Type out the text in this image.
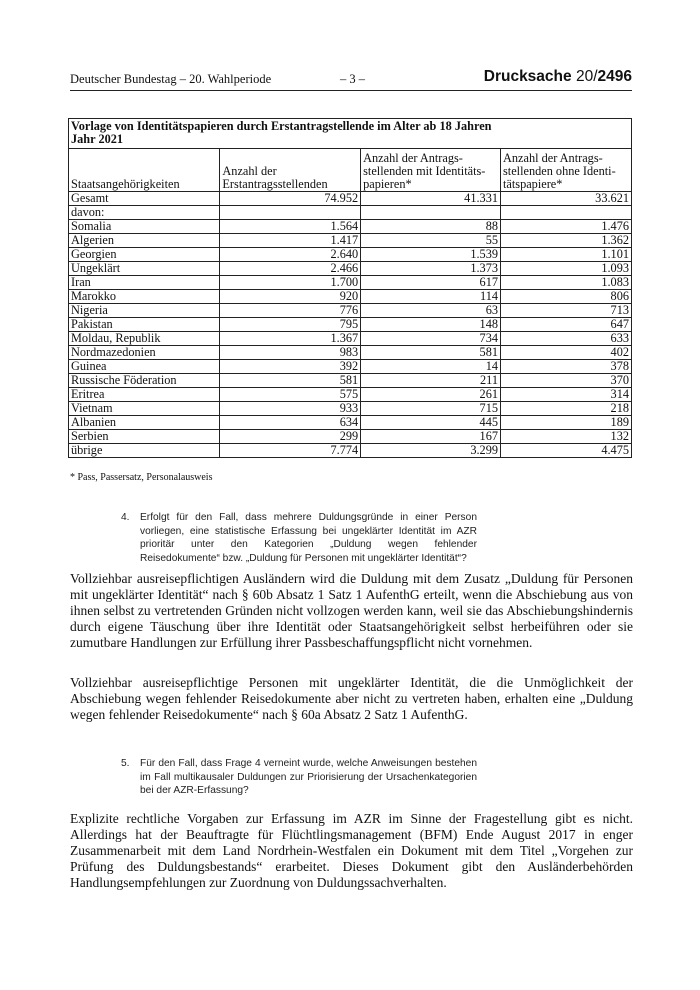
Deutscher Bundestag – 20. Wahlperiode	– 3 –	Drucksache 20/2496
Vorlage von Identitätspapieren durch Erstantragstellende im Alter ab 18 Jahren
Jahr 2021			

Staatsangehörigkeiten	Anzahl der Erstantragsstellenden	Anzahl der Antrags-stellenden mit Identitäts-papieren*	Anzahl der Antrags-stellenden ohne Identi-tätspapiere*

Gesamt	74.952	41.331	33.621
davon:			
Somalia	1.564	88	1.476
Algerien	1.417	55	1.362
Georgien	2.640	1.539	1.101
Ungeklärt	2.466	1.373	1.093
Iran	1.700	617	1.083
Marokko	920	114	806
Nigeria	776	63	713
Pakistan	795	148	647
Moldau, Republik	1.367	734	633
Nordmazedonien	983	581	402
Guinea	392	14	378
Russische Föderation	581	211	370
Eritrea	575	261	314
Vietnam	933	715	218
Albanien	634	445	189
Serbien	299	167	132
übrige	7.774	3.299	4.475
* Pass, Passersatz, Personalausweis
4. Erfolgt für den Fall, dass mehrere Duldungsgründe in einer Person vorliegen, eine statistische Erfassung bei ungeklärter Identität im AZR prioritär unter den Kategorien „Duldung wegen fehlender Reisedokumente“ bzw. „Duldung für Personen mit ungeklärter Identität“?
Vollziehbar ausreisepflichtigen Ausländern wird die Duldung mit dem Zusatz „Duldung für Personen mit ungeklärter Identität“ nach § 60b Absatz 1 Satz 1 AufenthG erteilt, wenn die Abschiebung aus von ihnen selbst zu vertretenden Gründen nicht vollzogen werden kann, weil sie das Abschiebungshindernis durch eigene Täuschung über ihre Identität oder Staatsangehörigkeit selbst herbeiführen oder sie zumutbare Handlungen zur Erfüllung ihrer Passbeschaffungspflicht nicht vornehmen.
Vollziehbar ausreisepflichtige Personen mit ungeklärter Identität, die die Unmöglichkeit der Abschiebung wegen fehlender Reisedokumente aber nicht zu vertreten haben, erhalten eine „Duldung wegen fehlender Reisedokumente“ nach § 60a Absatz 2 Satz 1 AufenthG.
5. Für den Fall, dass Frage 4 verneint wurde, welche Anweisungen bestehen im Fall multikausaler Duldungen zur Priorisierung der Ursachenkategorien bei der AZR-Erfassung?
Explizite rechtliche Vorgaben zur Erfassung im AZR im Sinne der Fragestellung gibt es nicht. Allerdings hat der Beauftragte für Flüchtlingsmanagement (BFM) Ende August 2017 in enger Zusammenarbeit mit dem Land Nordrhein-Westfalen ein Dokument mit dem Titel „Vorgehen zur Prüfung des Duldungsbestands“ erarbeitet. Dieses Dokument gibt den Ausländerbehörden Handlungsempfehlungen zur Zuordnung von Duldungssachverhalten.
